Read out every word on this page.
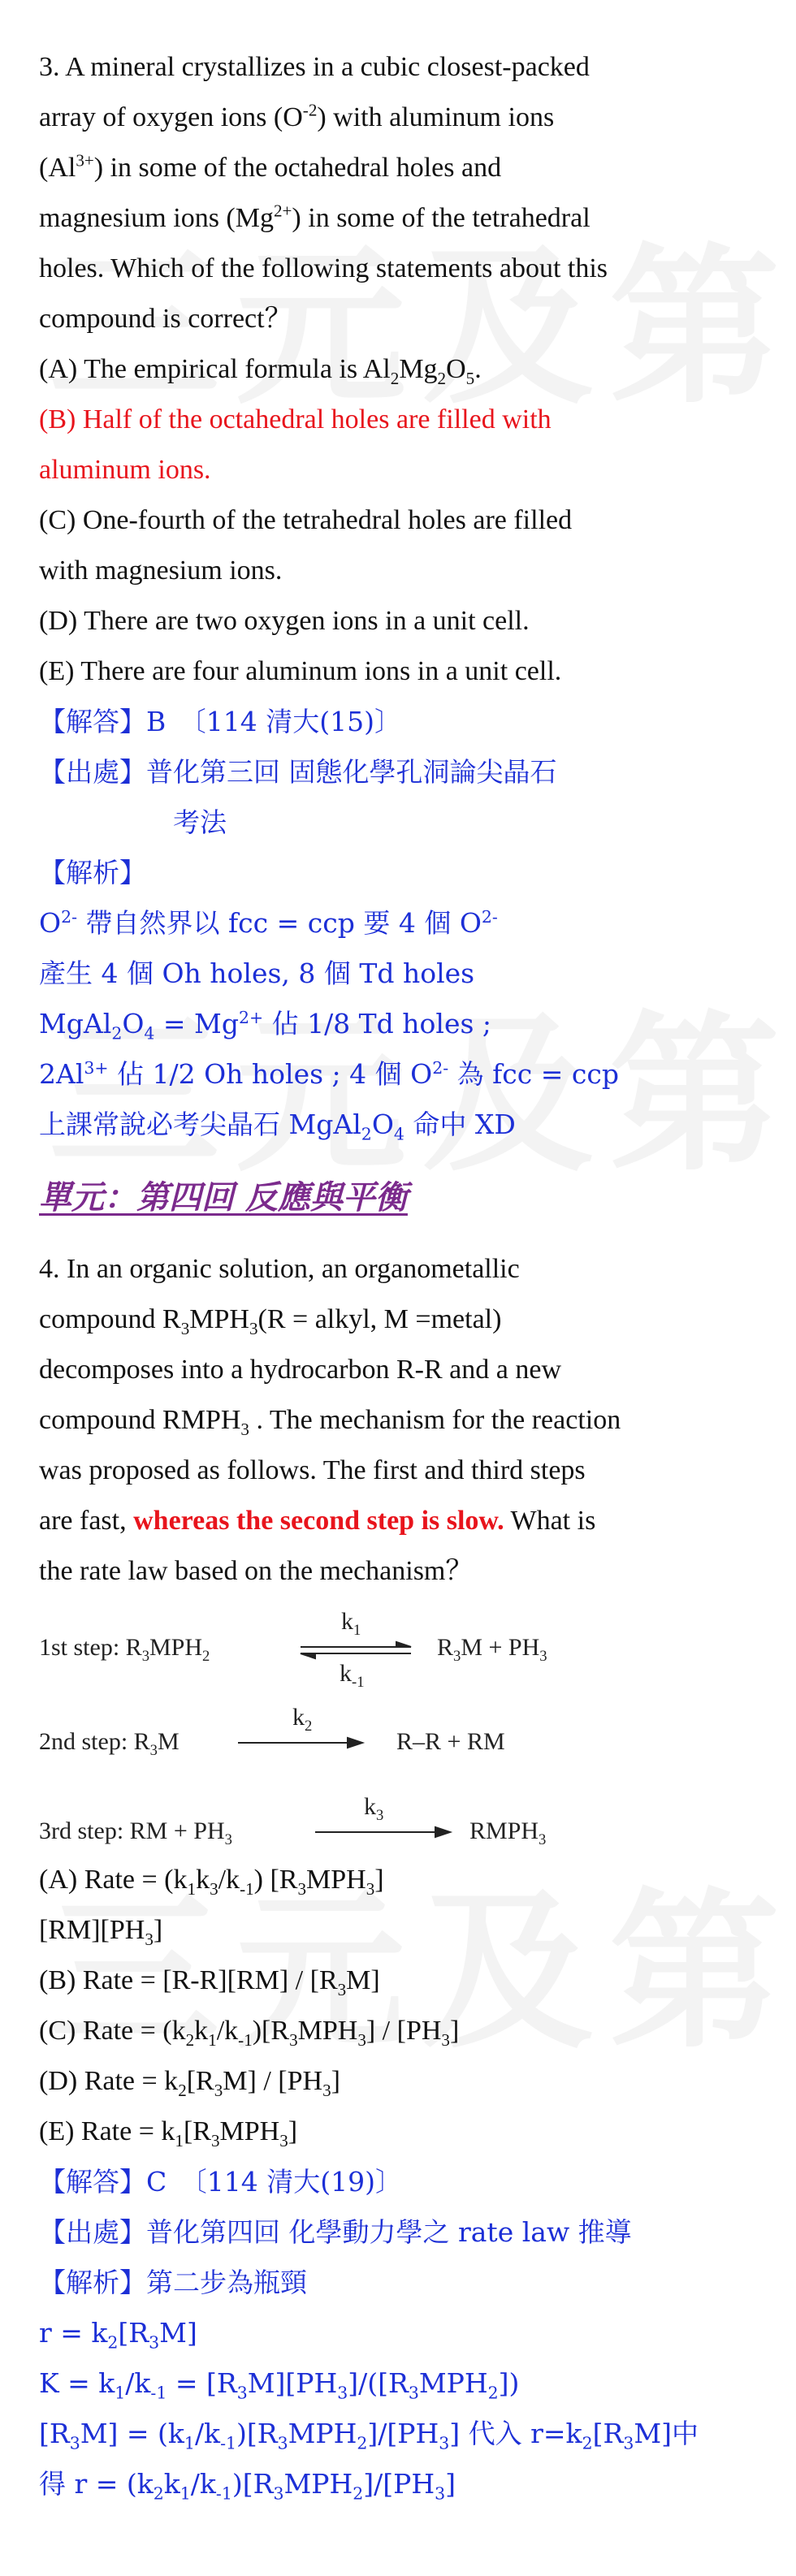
3. A mineral crystallizes in a cubic closest-packed

array of oxygen ions $(O^{-2})$ with aluminum ions

$(Al^{3+})$ in some of the octahedral holes and

magnesium ions $(Mg^{2+})$ in some of the tetrahedral

holes. Which of the following statements about this

compound is correct？

(A) The empirical formula is $Al_2Mg_2O_5$.

(B) Half of the octahedral holes are filled with

aluminum ions.

(C) One-fourth of the tetrahedral holes are filled

with magnesium ions.

(D) There are two oxygen ions in a unit cell.

(E) There are four aluminum ions in a unit cell.

【解答】B　〔114 清大(15)〕

【出處】普化第三回 固態化學孔洞論尖晶石

考法

【解析】

$O^{2-}$ 帶自然界以 fcc = ccp 要 4 個 $O^{2-}$

產生 4 個 Oh holes, 8 個 Td holes

$MgAl_2O_4 = Mg^{2+}$ 佔 1/8 Td holes ;

$2Al^{3+}$ 佔 1/2 Oh holes ; 4 個 $O^{2-}$ 為 fcc = ccp

上課常說必考尖晶石 $MgAl_2O_4$ 命中 XD

單元：第四回 反應與平衡

4. In an organic solution, an organometallic

compound $R_3MPH_3(R$ = alkyl, M =metal)

decomposes into a hydrocarbon R-R and a new

compound $RMPH_3$ . The mechanism for the reaction

was proposed as follows. The first and third steps

are fast, whereas the second step is slow. What is

the rate law based on the mechanism？

1st step: $R_3MPH_2$
$k_1$
$k_{-1}$
$R_3M + PH_3$
2nd step: $R_3M$
$k_2$
R–R + RM
3rd step: RM + $PH_3$
$k_3$
$RMPH_3$

(A) Rate = $(k_1k_3/k_{-1})$ $[R_3MPH_3]$

$[RM][PH_3]$

(B) Rate = $[R-R][RM] / [R_3M]$

(C) Rate = $(k_2k_1/k_{-1})[R_3MPH_3] / [PH_3]$

(D) Rate = $k_2[R_3M] / [PH_3]$

(E) Rate = $k_1[R_3MPH_3]$

【解答】C　〔114 清大(19)〕

【出處】普化第四回 化學動力學之 rate law 推導

【解析】第二步為瓶頸

$r = k_2[R_3M]$

$K = k_1/k_{-1} = [R_3M][PH_3]/([R_3MPH_2])$

$[R_3M] = (k_1/k_{-1})[R_3MPH_2]/[PH_3]$ 代入 $r=k_2[R_3M]$中

得 $r = (k_2k_1/k_{-1})[R_3MPH_2]/[PH_3]$
